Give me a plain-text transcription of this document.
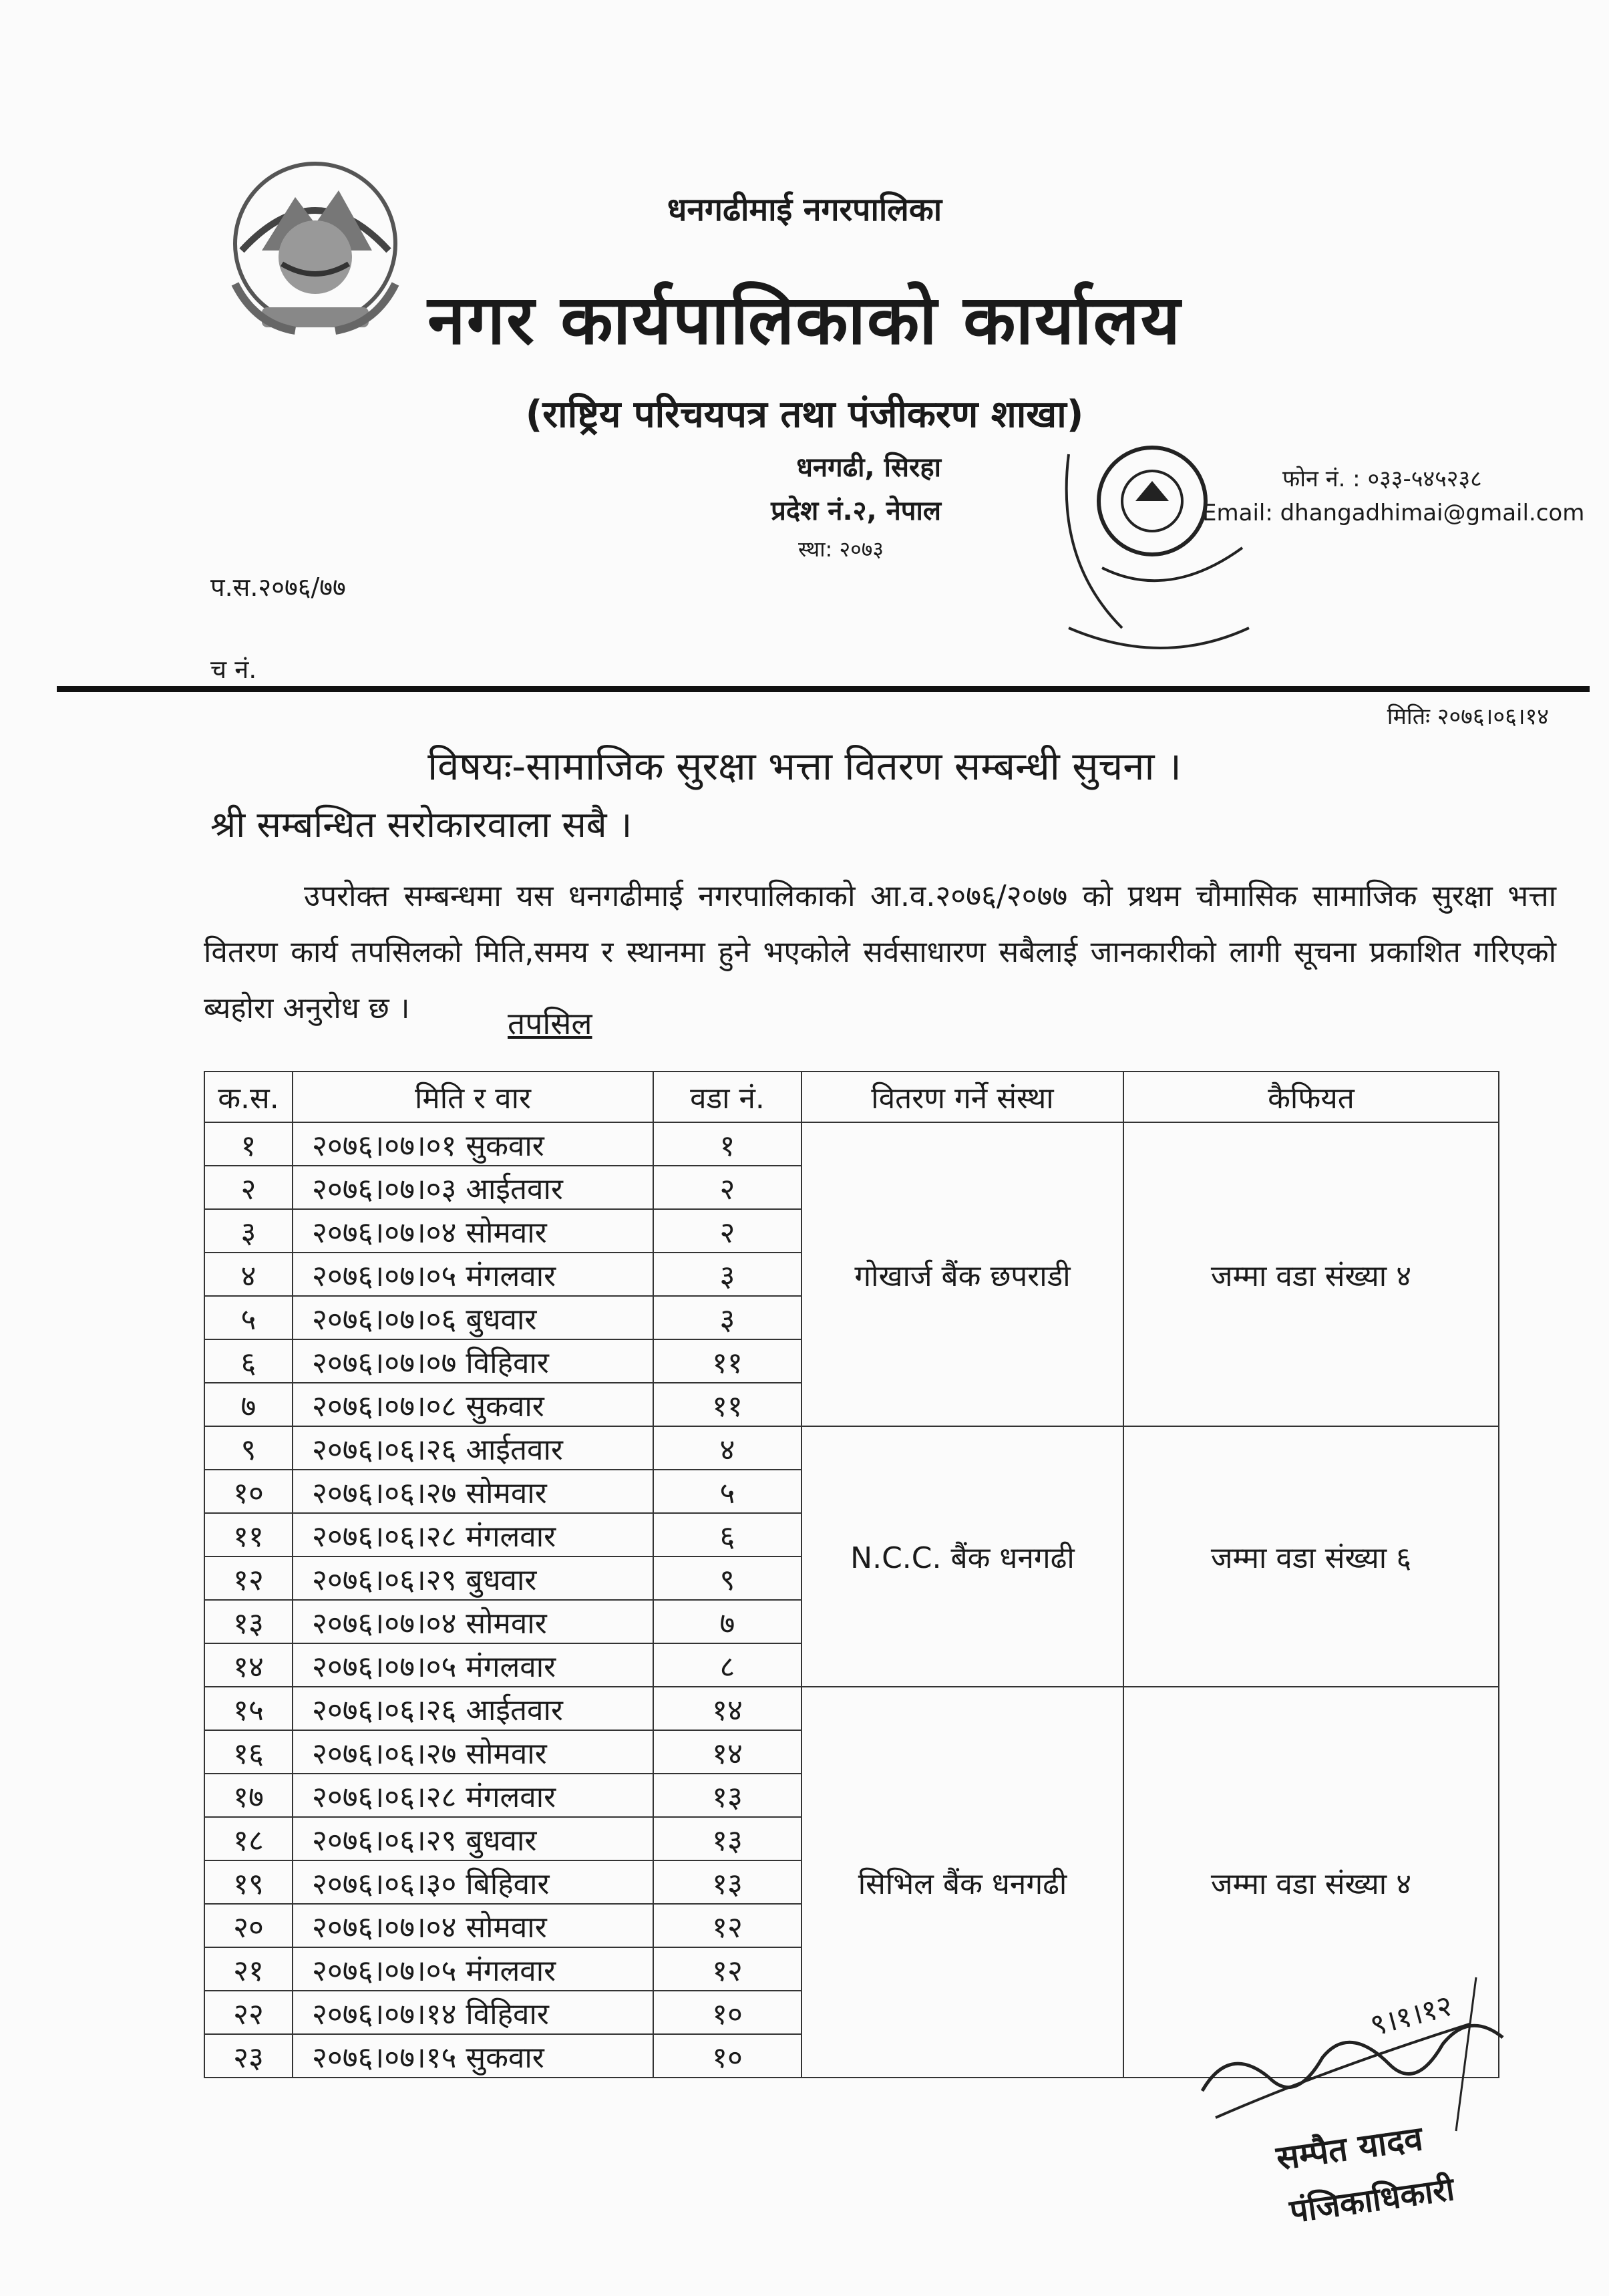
धनगढीमाई नगरपालिका
नगर कार्यपालिकाको कार्यालय
(राष्ट्रिय परिचयपत्र तथा पंजीकरण शाखा)
धनगढी, सिरहा
प्रदेश नं.२, नेपाल
स्था: २०७३
फोन नं. : ०३३-५४५२३८
Email: dhangadhimai@gmail.com
प.स.२०७६/७७
च नं.
मितिः २०७६।०६।१४
विषयः-सामाजिक सुरक्षा भत्ता वितरण सम्बन्धी सुचना ।
श्री सम्बन्धित सरोकारवाला सबै ।
उपरोक्त सम्बन्धमा यस धनगढीमाई नगरपालिकाको आ.व.२०७६/२०७७ को प्रथम चौमासिक सामाजिक सुरक्षा भत्ता वितरण कार्य तपसिलको मिति,समय र स्थानमा हुने भएकोले सर्वसाधारण सबैलाई जानकारीको लागी सूचना प्रकाशित गरिएको ब्यहोरा अनुरोध छ ।	तपसिल
क.स.	मिति र वार	वडा नं.	वितरण गर्ने संस्था	कैफियत
१	२०७६।०७।०१ सुकवार	१	गोखार्ज बैंक छपराडी	जम्मा वडा संख्या ४
२	२०७६।०७।०३ आईतवार	२		
३	२०७६।०७।०४ सोमवार	२		
४	२०७६।०७।०५ मंगलवार	३		
५	२०७६।०७।०६ बुधवार	३		
६	२०७६।०७।०७ विहिवार	११		
७	२०७६।०७।०८ सुकवार	११		
९	२०७६।०६।२६ आईतवार	४	N.C.C. बैंक धनगढी	जम्मा वडा संख्या ६
१०	२०७६।०६।२७ सोमवार	५		
११	२०७६।०६।२८ मंगलवार	६		
१२	२०७६।०६।२९ बुधवार	९		
१३	२०७६।०७।०४ सोमवार	७		
१४	२०७६।०७।०५ मंगलवार	८		
१५	२०७६।०६।२६ आईतवार	१४	सिभिल बैंक धनगढी	जम्मा वडा संख्या ४
१६	२०७६।०६।२७ सोमवार	१४		
१७	२०७६।०६।२८ मंगलवार	१३		
१८	२०७६।०६।२९ बुधवार	१३		
१९	२०७६।०६।३० बिहिवार	१३		
२०	२०७६।०७।०४ सोमवार	१२		
२१	२०७६।०७।०५ मंगलवार	१२		
२२	२०७६।०७।१४ विहिवार	१०		
२३	२०७६।०७।१५ सुकवार	१०		
९।१।१२
सम्पैत यादव
पंजिकाधिकारी
